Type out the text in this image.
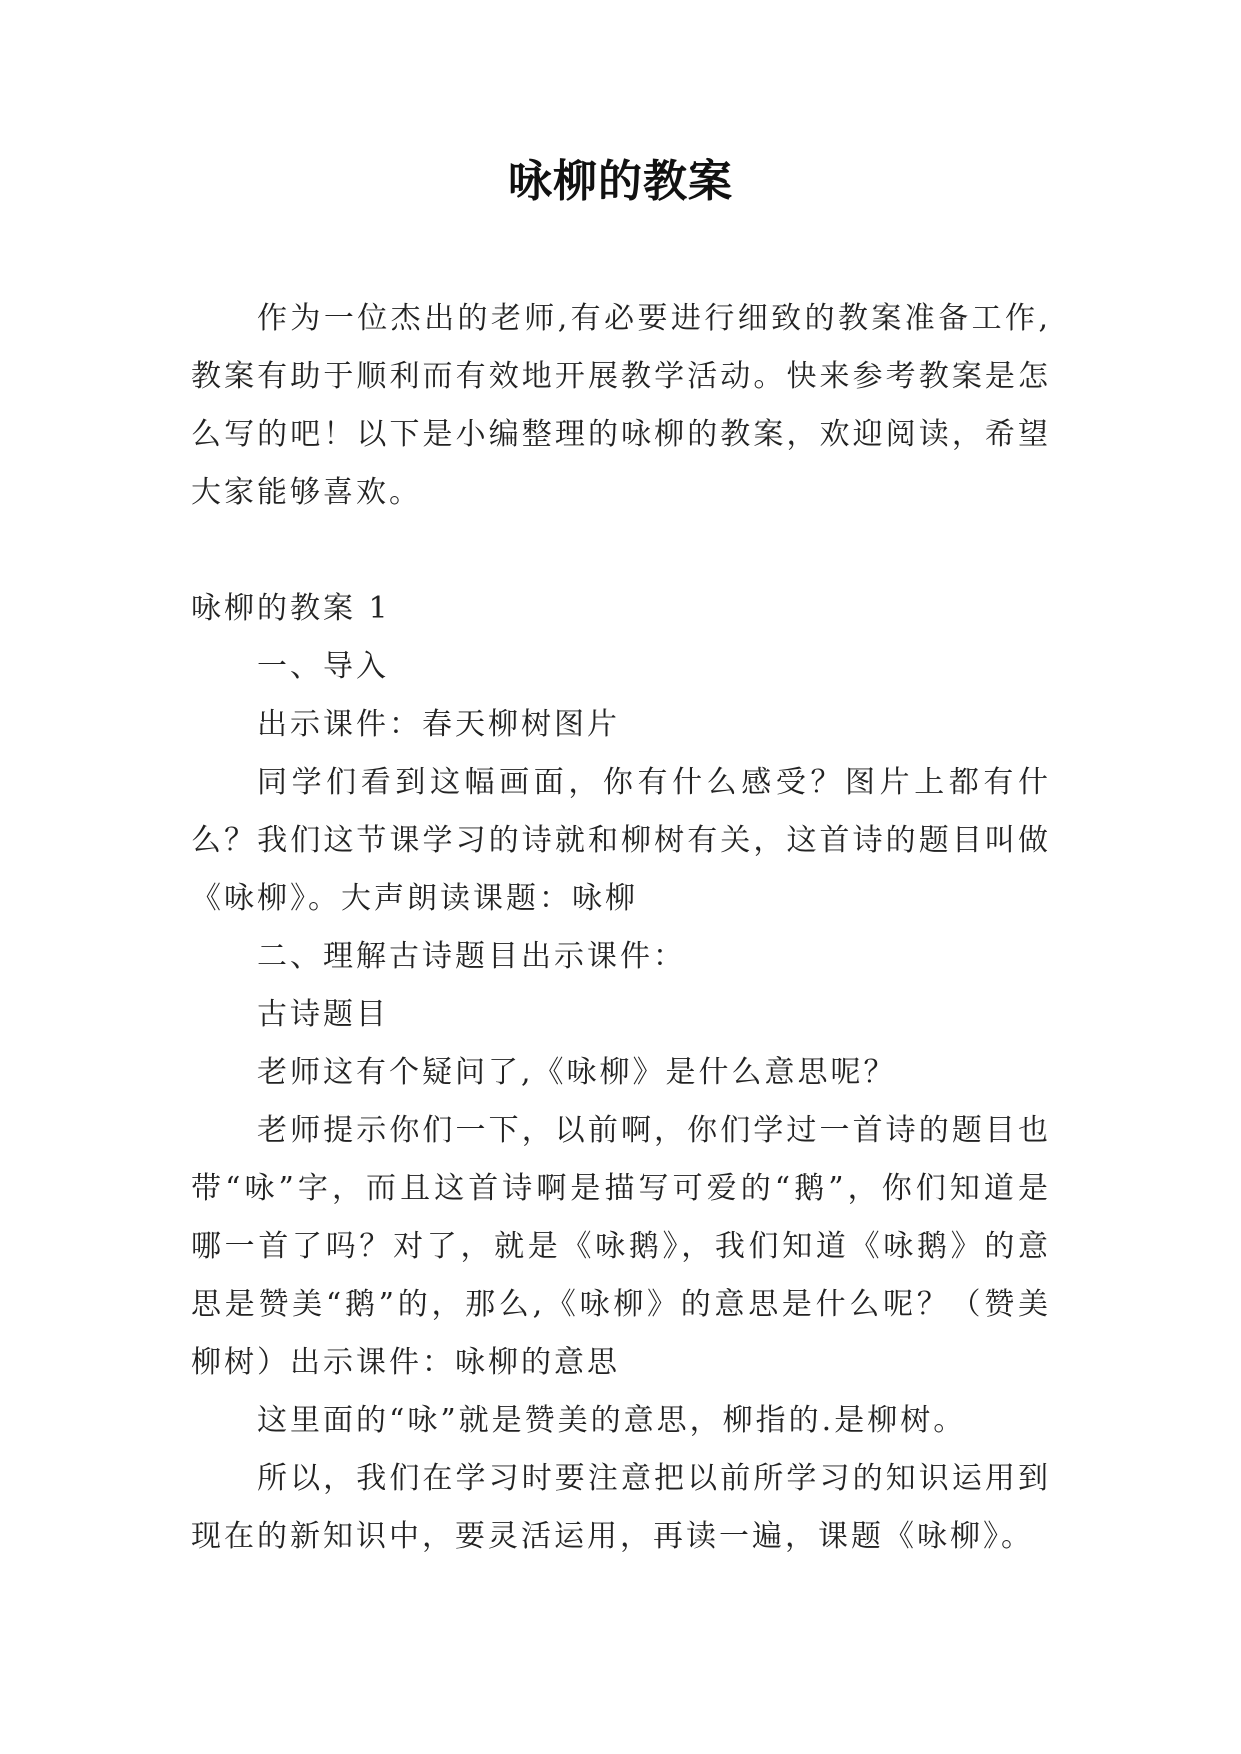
咏柳的教案

作为一位杰出的老师,有必要进行细致的教案准备工作,教案有助于顺利而有效地开展教学活动。快来参考教案是怎么写的吧！以下是小编整理的咏柳的教案，欢迎阅读，希望大家能够喜欢。

咏柳的教案 1

一、导入

出示课件：春天柳树图片

同学们看到这幅画面，你有什么感受？图片上都有什么？我们这节课学习的诗就和柳树有关，这首诗的题目叫做《咏柳》。大声朗读课题：咏柳

二、理解古诗题目出示课件：

古诗题目

老师这有个疑问了,《咏柳》是什么意思呢？

老师提示你们一下，以前啊，你们学过一首诗的题目也带“咏”字，而且这首诗啊是描写可爱的“鹅”，你们知道是哪一首了吗？对了，就是《咏鹅》，我们知道《咏鹅》的意思是赞美“鹅”的，那么,《咏柳》的意思是什么呢？（赞美柳树）出示课件：咏柳的意思

这里面的“咏”就是赞美的意思，柳指的.是柳树。

所以，我们在学习时要注意把以前所学习的知识运用到现在的新知识中，要灵活运用，再读一遍，课题《咏柳》。
